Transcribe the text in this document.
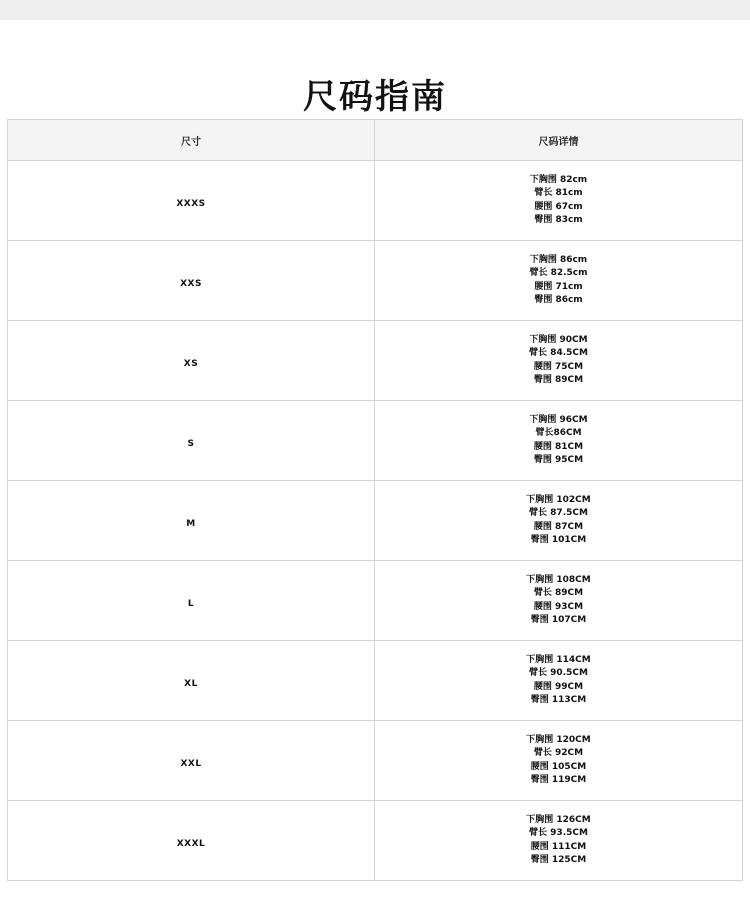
尺码指南
尺寸	尺码详情
XXXS	下胸围 82cm
臂长 81cm
腰围 67cm
臀围 83cm

XXS	下胸围 86cm
臂长 82.5cm
腰围 71cm
臀围 86cm

XS	下胸围 90CM
臂长 84.5CM
腰围 75CM
臀围 89CM

S	下胸围 96CM
臂长86CM
腰围 81CM
臀围 95CM

M	下胸围 102CM
臂长 87.5CM
腰围 87CM
臀围 101CM

L	下胸围 108CM
臂长 89CM
腰围 93CM
臀围 107CM

XL	下胸围 114CM
臂长 90.5CM
腰围 99CM
臀围 113CM

XXL	下胸围 120CM
臂长 92CM
腰围 105CM
臀围 119CM

XXXL	下胸围 126CM
臂长 93.5CM
腰围 111CM
臀围 125CM
